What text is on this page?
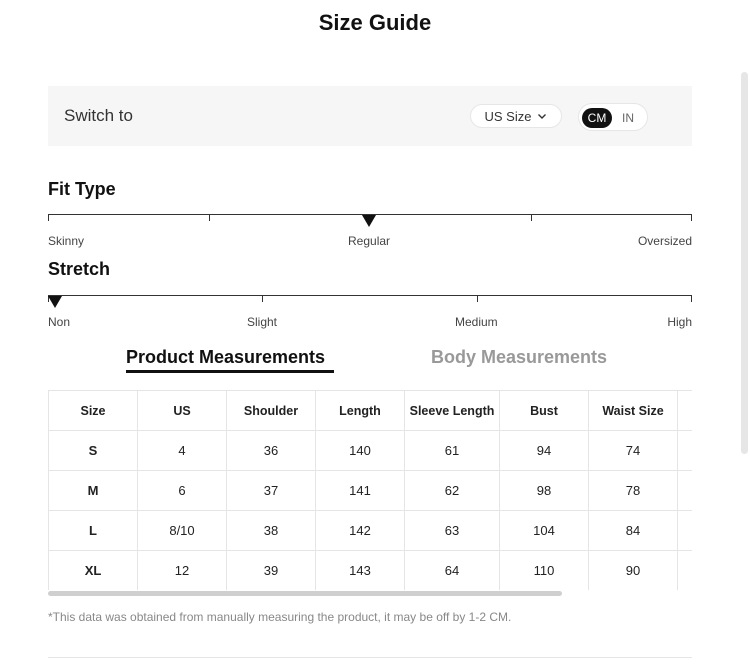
Size Guide
Switch to	US Size	CM	IN
Fit Type
Skinny	Regular	Oversized
Stretch
Non	Slight	Medium	High
Product Measurements	Body Measurements
Size	US	Shoulder	Length	Sleeve Length	Bust	Waist Size	
S	4	36	140	61	94	74	
M	6	37	141	62	98	78	
L	8/10	38	142	63	104	84	
XL	12	39	143	64	110	90	
*This data was obtained from manually measuring the product, it may be off by 1-2 CM.
